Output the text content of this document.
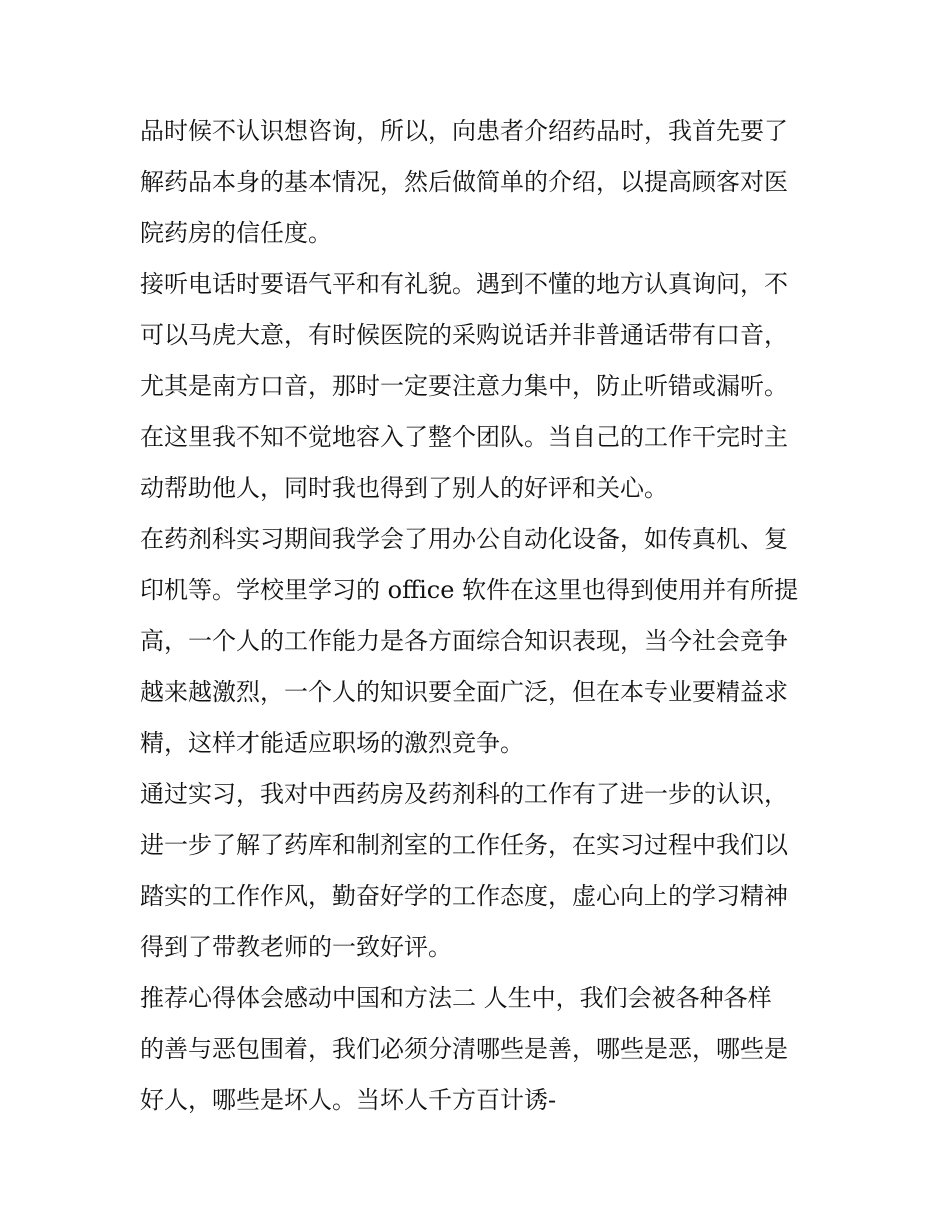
品时候不认识想咨询，所以，向患者介绍药品时，我首先要了
解药品本身的基本情况，然后做简单的介绍，以提高顾客对医
院药房的信任度。
接听电话时要语气平和有礼貌。遇到不懂的地方认真询问，不
可以马虎大意，有时候医院的采购说话并非普通话带有口音，
尤其是南方口音，那时一定要注意力集中，防止听错或漏听。
在这里我不知不觉地容入了整个团队。当自己的工作干完时主
动帮助他人，同时我也得到了别人的好评和关心。
在药剂科实习期间我学会了用办公自动化设备，如传真机、复
印机等。学校里学习的 office 软件在这里也得到使用并有所提
高，一个人的工作能力是各方面综合知识表现，当今社会竞争
越来越激烈，一个人的知识要全面广泛，但在本专业要精益求
精，这样才能适应职场的激烈竞争。
通过实习，我对中西药房及药剂科的工作有了进一步的认识，
进一步了解了药库和制剂室的工作任务，在实习过程中我们以
踏实的工作作风，勤奋好学的工作态度，虚心向上的学习精神
得到了带教老师的一致好评。
推荐心得体会感动中国和方法二 人生中，我们会被各种各样
的善与恶包围着，我们必须分清哪些是善，哪些是恶，哪些是
好人，哪些是坏人。当坏人千方百计诱-
